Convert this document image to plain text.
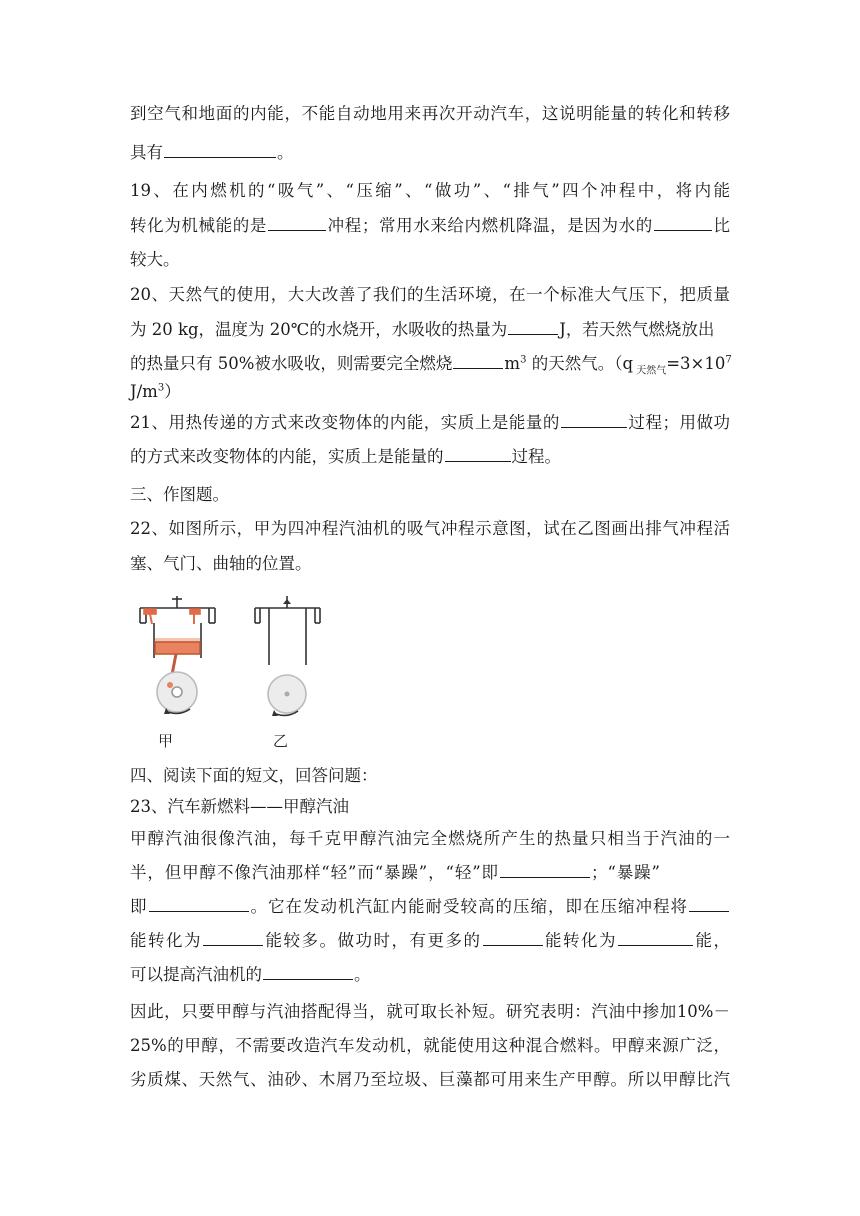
到空气和地面的内能，不能自动地用来再次开动汽车，这说明能量的转化和转移
具有	。
19、在内燃机的“吸气”、“压缩”、“做功”、“排气”四个冲程中，将内能
转化为机械能的是	冲程；常用水来给内燃机降温，是因为水的	比
较大。
20、天然气的使用，大大改善了我们的生活环境，在一个标准大气压下，把质量
为 20 kg，温度为 20℃的水烧开，水吸收的热量为	J，若天然气燃烧放出
的热量只有 50%被水吸收，则需要完全燃烧	$m^3$ 的天然气。（q $_{天然气}=3\times 10^7$
$J/m^3$）
21、用热传递的方式来改变物体的内能，实质上是能量的	过程；用做功
的方式来改变物体的内能，实质上是能量的	过程。
三、作图题。
22、如图所示，甲为四冲程汽油机的吸气冲程示意图，试在乙图画出排气冲程活
塞、气门、曲轴的位置。
甲	乙
四、阅读下面的短文，回答问题：
23、汽车新燃料——甲醇汽油
甲醇汽油很像汽油，每千克甲醇汽油完全燃烧所产生的热量只相当于汽油的一
半，但甲醇不像汽油那样“轻”而“暴躁”，“轻”即	；“暴躁”
即	。它在发动机汽缸内能耐受较高的压缩，即在压缩冲程将
能转化为	能较多。做功时，有更多的	能转化为	能，
可以提高汽油机的	。
因此，只要甲醇与汽油搭配得当，就可取长补短。研究表明：汽油中掺加10%－
25%的甲醇，不需要改造汽车发动机，就能使用这种混合燃料。甲醇来源广泛，
劣质煤、天然气、油砂、木屑乃至垃圾、巨藻都可用来生产甲醇。所以甲醇比汽
